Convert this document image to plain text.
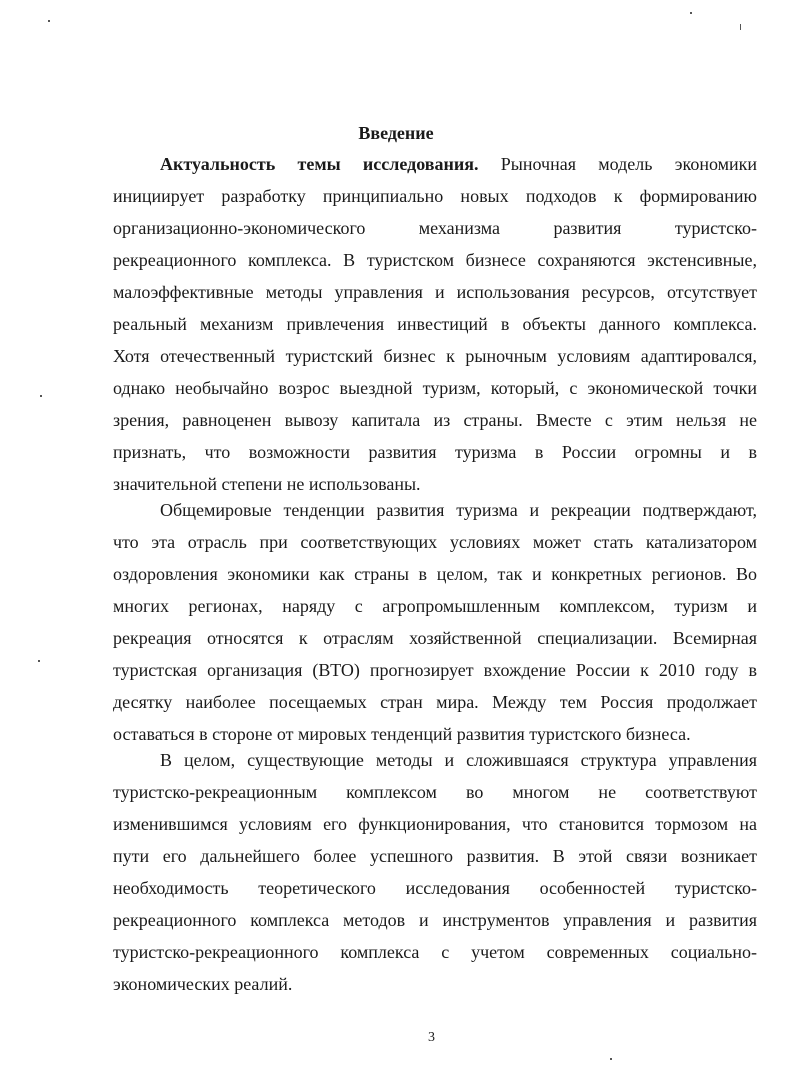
Введение
Актуальность темы исследования. Рыночная модель экономики
инициирует разработку принципиально новых подходов к формированию
организационно-экономического механизма развития туристско-
рекреационного комплекса. В туристском бизнесе сохраняются экстенсивные,
малоэффективные методы управления и использования ресурсов, отсутствует
реальный механизм привлечения инвестиций в объекты данного комплекса.
Хотя отечественный туристский бизнес к рыночным условиям адаптировался,
однако необычайно возрос выездной туризм, который, с экономической точки
зрения, равноценен вывозу капитала из страны. Вместе с этим нельзя не
признать, что возможности развития туризма в России огромны и в
значительной степени не использованы.
Общемировые тенденции развития туризма и рекреации подтверждают,
что эта отрасль при соответствующих условиях может стать катализатором
оздоровления экономики как страны в целом, так и конкретных регионов. Во
многих регионах, наряду с агропромышленным комплексом, туризм и
рекреация относятся к отраслям хозяйственной специализации. Всемирная
туристская организация (ВТО) прогнозирует вхождение России к 2010 году в
десятку наиболее посещаемых стран мира. Между тем Россия продолжает
оставаться в стороне от мировых тенденций развития туристского бизнеса.
В целом, существующие методы и сложившаяся структура управления
туристско-рекреационным комплексом во многом не соответствуют
изменившимся условиям его функционирования, что становится тормозом на
пути его дальнейшего более успешного развития. В этой связи возникает
необходимость теоретического исследования особенностей туристско-
рекреационного комплекса методов и инструментов управления и развития
туристско-рекреационного комплекса с учетом современных социально-
экономических реалий.
3
